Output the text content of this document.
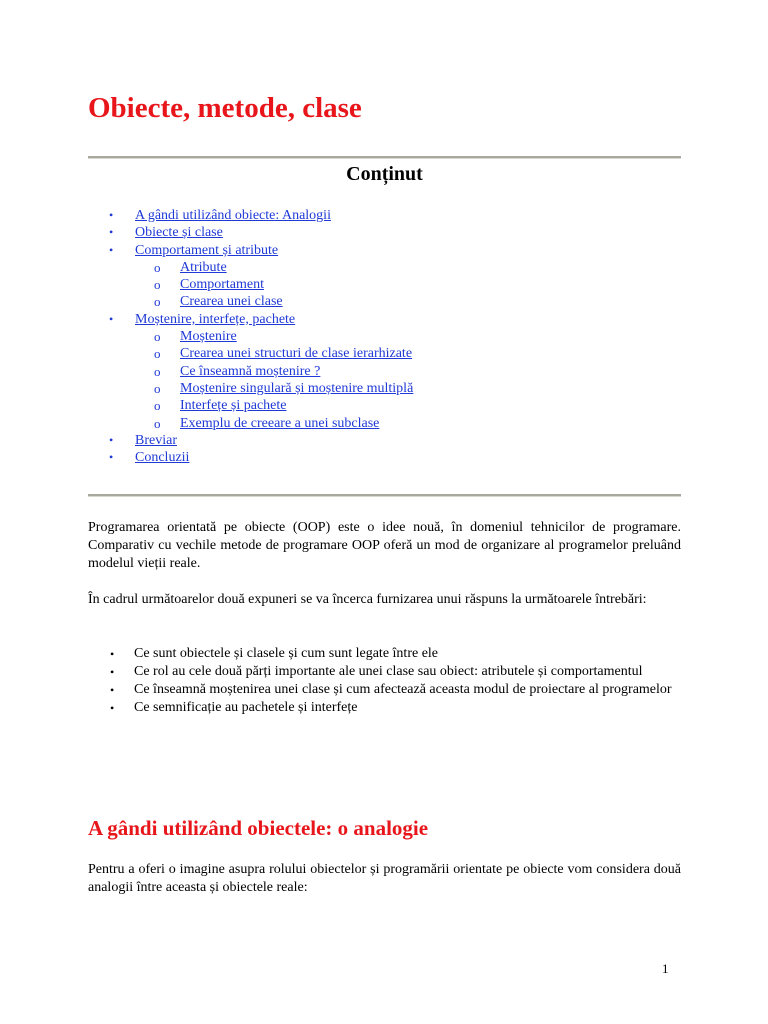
Obiecte, metode, clase
Conținut
• A gândi utilizând obiecte: Analogii
• Obiecte și clase
• Comportament și atribute
o Atribute
o Comportament
o Crearea unei clase
• Moștenire, interfețe, pachete
o Moștenire
o Crearea unei structuri de clase ierarhizate
o Ce înseamnă moștenire ?
o Moștenire singulară și moștenire multiplă
o Interfețe și pachete
o Exemplu de creeare a unei subclase
• Breviar
• Concluzii

Programarea orientată pe obiecte (OOP) este o idee nouă, în domeniul tehnicilor de programare. Comparativ cu vechile metode de programare OOP oferă un mod de organizare al programelor preluând modelul vieții reale.

În cadrul următoarelor două expuneri se va încerca furnizarea unui răspuns la următoarele întrebări:

• Ce sunt obiectele și clasele și cum sunt legate între ele
• Ce rol au cele două părți importante ale unei clase sau obiect: atributele și comportamentul
• Ce înseamnă moștenirea unei clase și cum afectează aceasta modul de proiectare al programelor
• Ce semnificație au pachetele și interfețe
A gândi utilizând obiectele: o analogie

Pentru a oferi o imagine asupra rolului obiectelor și programării orientate pe obiecte vom considera două analogii între aceasta și obiectele reale:

1
